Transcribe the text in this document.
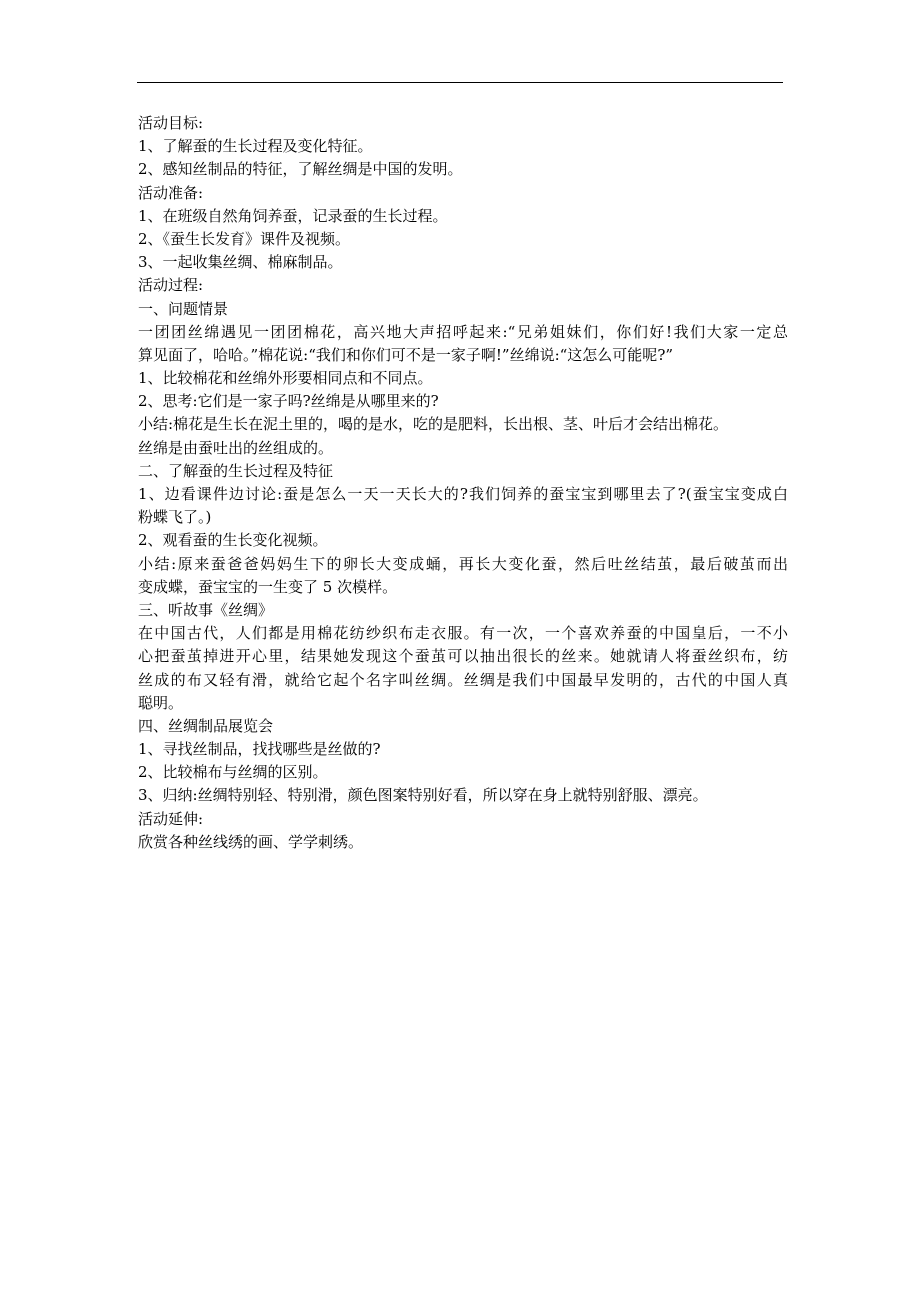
活动目标:

1、了解蚕的生长过程及变化特征。

2、感知丝制品的特征，了解丝绸是中国的发明。

活动准备:

1、在班级自然角饲养蚕，记录蚕的生长过程。

2、《蚕生长发育》课件及视频。

3、一起收集丝绸、棉麻制品。

活动过程:

一、问题情景

一团团丝绵遇见一团团棉花，高兴地大声招呼起来:“兄弟姐妹们，你们好!我们大家一定总

算见面了，哈哈。”棉花说:“我们和你们可不是一家子啊!”丝绵说:“这怎么可能呢?”

1、比较棉花和丝绵外形要相同点和不同点。

2、思考:它们是一家子吗?丝绵是从哪里来的?

小结:棉花是生长在泥土里的，喝的是水，吃的是肥料，长出根、茎、叶后才会结出棉花。

丝绵是由蚕吐出的丝组成的。

二、了解蚕的生长过程及特征

1、边看课件边讨论:蚕是怎么一天一天长大的?我们饲养的蚕宝宝到哪里去了?(蚕宝宝变成白

粉蝶飞了。)

2、观看蚕的生长变化视频。

小结:原来蚕爸爸妈妈生下的卵长大变成蛹，再长大变化蚕，然后吐丝结茧，最后破茧而出

变成蝶，蚕宝宝的一生变了 5 次模样。

三、听故事《丝绸》

在中国古代，人们都是用棉花纺纱织布走衣服。有一次，一个喜欢养蚕的中国皇后，一不小

心把蚕茧掉进开心里，结果她发现这个蚕茧可以抽出很长的丝来。她就请人将蚕丝织布，纺

丝成的布又轻有滑，就给它起个名字叫丝绸。丝绸是我们中国最早发明的，古代的中国人真

聪明。

四、丝绸制品展览会

1、寻找丝制品，找找哪些是丝做的?

2、比较棉布与丝绸的区别。

3、归纳:丝绸特别轻、特别滑，颜色图案特别好看，所以穿在身上就特别舒服、漂亮。

活动延伸:

欣赏各种丝线绣的画、学学刺绣。
